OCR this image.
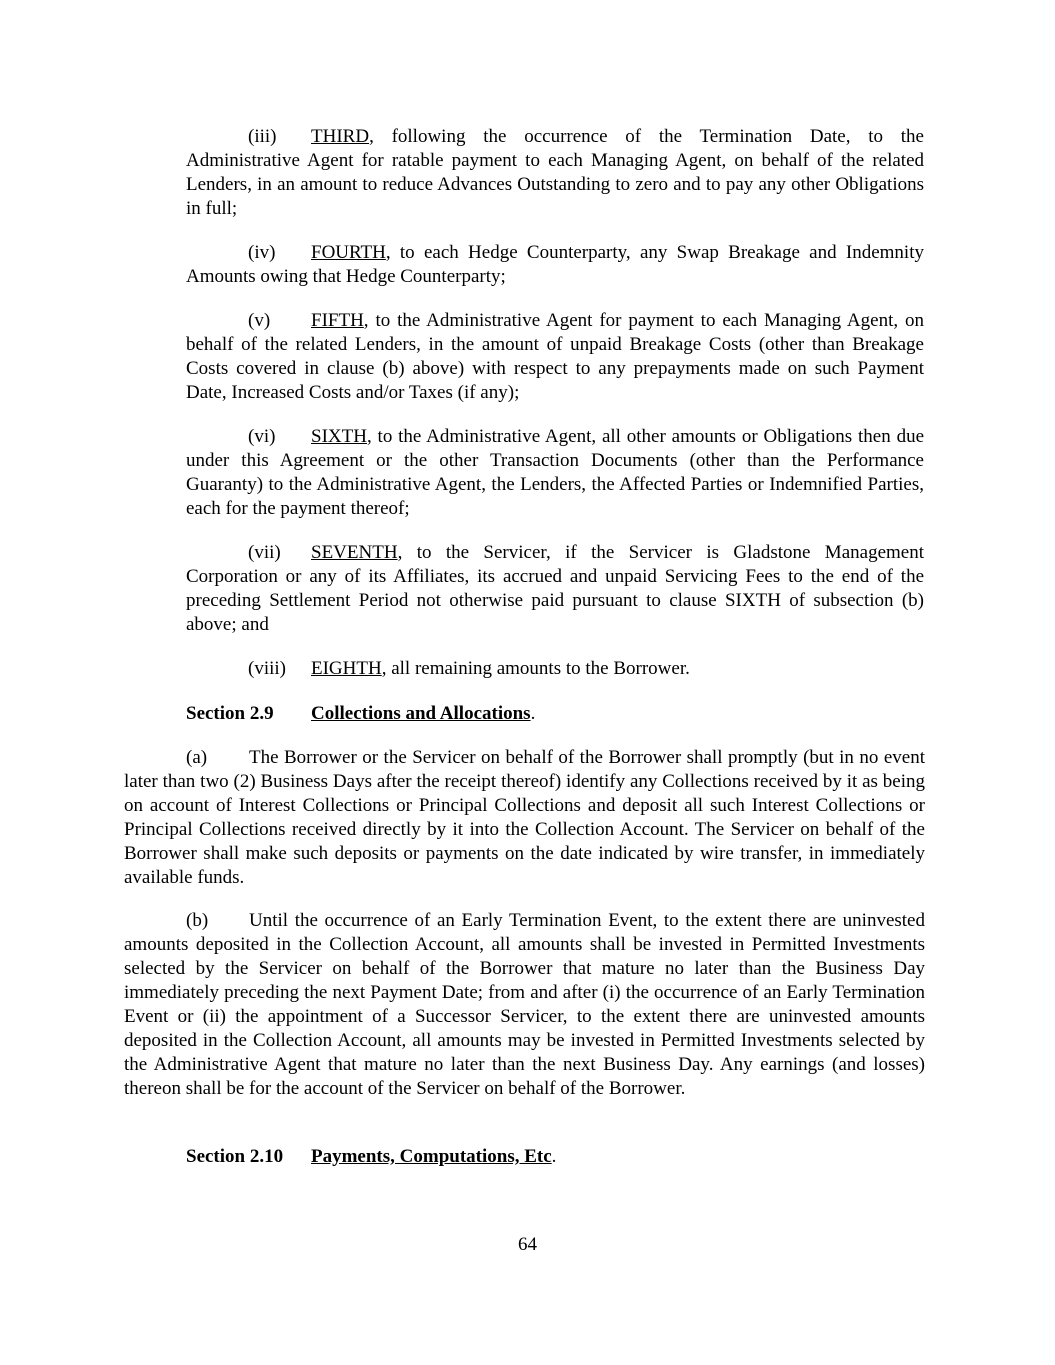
(iii) THIRD, following the occurrence of the Termination Date, to the Administrative Agent for ratable payment to each Managing Agent, on behalf of the related Lenders, in an amount to reduce Advances Outstanding to zero and to pay any other Obligations in full;
(iv) FOURTH, to each Hedge Counterparty, any Swap Breakage and Indemnity Amounts owing that Hedge Counterparty;
(v) FIFTH, to the Administrative Agent for payment to each Managing Agent, on behalf of the related Lenders, in the amount of unpaid Breakage Costs (other than Breakage Costs covered in clause (b) above) with respect to any prepayments made on such Payment Date, Increased Costs and/or Taxes (if any);
(vi) SIXTH, to the Administrative Agent, all other amounts or Obligations then due under this Agreement or the other Transaction Documents (other than the Performance Guaranty) to the Administrative Agent, the Lenders, the Affected Parties or Indemnified Parties, each for the payment thereof;
(vii) SEVENTH, to the Servicer, if the Servicer is Gladstone Management Corporation or any of its Affiliates, its accrued and unpaid Servicing Fees to the end of the preceding Settlement Period not otherwise paid pursuant to clause SIXTH of subsection (b) above; and
(viii) EIGHTH, all remaining amounts to the Borrower.
Section 2.9 Collections and Allocations.
(a) The Borrower or the Servicer on behalf of the Borrower shall promptly (but in no event later than two (2) Business Days after the receipt thereof) identify any Collections received by it as being on account of Interest Collections or Principal Collections and deposit all such Interest Collections or Principal Collections received directly by it into the Collection Account. The Servicer on behalf of the Borrower shall make such deposits or payments on the date indicated by wire transfer, in immediately available funds.
(b) Until the occurrence of an Early Termination Event, to the extent there are uninvested amounts deposited in the Collection Account, all amounts shall be invested in Permitted Investments selected by the Servicer on behalf of the Borrower that mature no later than the Business Day immediately preceding the next Payment Date; from and after (i) the occurrence of an Early Termination Event or (ii) the appointment of a Successor Servicer, to the extent there are uninvested amounts deposited in the Collection Account, all amounts may be invested in Permitted Investments selected by the Administrative Agent that mature no later than the next Business Day. Any earnings (and losses) thereon shall be for the account of the Servicer on behalf of the Borrower.
Section 2.10 Payments, Computations, Etc.
64
